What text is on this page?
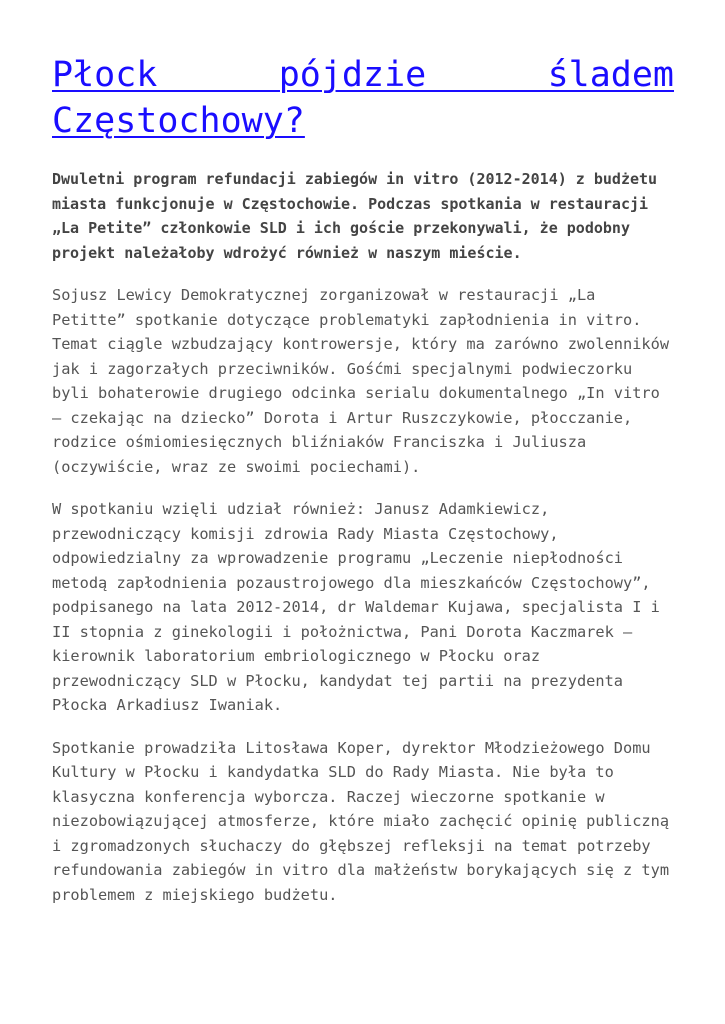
Płock pójdzie śladem Częstochowy?

Dwuletni program refundacji zabiegów in vitro (2012-2014) z budżetu miasta funkcjonuje w Częstochowie. Podczas spotkania w restauracji „La Petite” członkowie SLD i ich goście przekonywali, że podobny projekt należałoby wdrożyć również w naszym mieście.

Sojusz Lewicy Demokratycznej zorganizował w restauracji „La Petitte” spotkanie dotyczące problematyki zapłodnienia in vitro. Temat ciągle wzbudzający kontrowersje, który ma zarówno zwolenników jak i zagorzałych przeciwników. Gośćmi specjalnymi podwieczorku byli bohaterowie drugiego odcinka serialu dokumentalnego „In vitro – czekając na dziecko” Dorota i Artur Ruszczykowie, płocczanie, rodzice ośmiomiesięcznych bliźniaków Franciszka i Juliusza (oczywiście, wraz ze swoimi pociechami).

W spotkaniu wzięli udział również: Janusz Adamkiewicz, przewodniczący komisji zdrowia Rady Miasta Częstochowy, odpowiedzialny za wprowadzenie programu „Leczenie niepłodności metodą zapłodnienia pozaustrojowego dla mieszkańców Częstochowy”, podpisanego na lata 2012-2014, dr Waldemar Kujawa, specjalista I i II stopnia z ginekologii i położnictwa, Pani Dorota Kaczmarek – kierownik laboratorium embriologicznego w Płocku oraz przewodniczący SLD w Płocku, kandydat tej partii na prezydenta Płocka Arkadiusz Iwaniak.

Spotkanie prowadziła Litosława Koper, dyrektor Młodzieżowego Domu Kultury w Płocku i kandydatka SLD do Rady Miasta. Nie była to klasyczna konferencja wyborcza. Raczej wieczorne spotkanie w niezobowiązującej atmosferze, które miało zachęcić opinię publiczną i zgromadzonych słuchaczy do głębszej refleksji na temat potrzeby refundowania zabiegów in vitro dla małżeństw borykających się z tym problemem z miejskiego budżetu.
